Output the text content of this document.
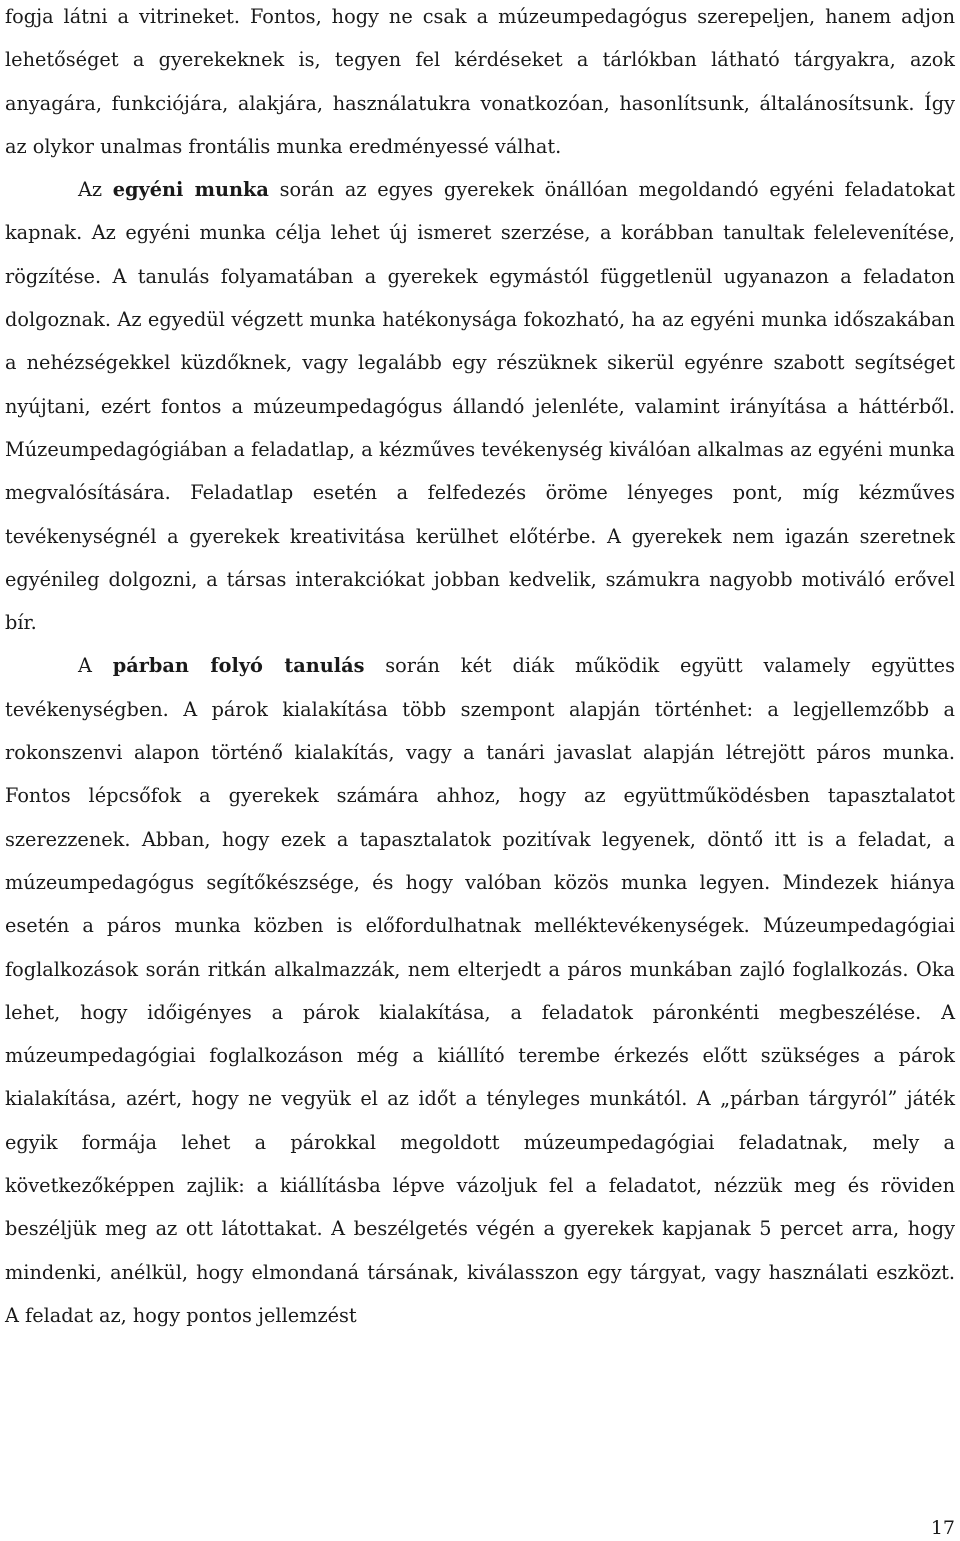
fogja látni a vitrineket. Fontos, hogy ne csak a múzeumpedagógus szerepeljen, hanem adjon lehetőséget a gyerekeknek is, tegyen fel kérdéseket a tárlókban látható tárgyakra, azok anyagára, funkciójára, alakjára, használatukra vonatkozóan, hasonlítsunk, általánosítsunk. Így az olykor unalmas frontális munka eredményessé válhat.

Az egyéni munka során az egyes gyerekek önállóan megoldandó egyéni feladatokat kapnak. Az egyéni munka célja lehet új ismeret szerzése, a korábban tanultak felelevenítése, rögzítése. A tanulás folyamatában a gyerekek egymástól függetlenül ugyanazon a feladaton dolgoznak. Az egyedül végzett munka hatékonysága fokozható, ha az egyéni munka időszakában a nehézségekkel küzdőknek, vagy legalább egy részüknek sikerül egyénre szabott segítséget nyújtani, ezért fontos a múzeumpedagógus állandó jelenléte, valamint irányítása a háttérből. Múzeumpedagógiában a feladatlap, a kézműves tevékenység kiválóan alkalmas az egyéni munka megvalósítására. Feladatlap esetén a felfedezés öröme lényeges pont, míg kézműves tevékenységnél a gyerekek kreativitása kerülhet előtérbe. A gyerekek nem igazán szeretnek egyénileg dolgozni, a társas interakciókat jobban kedvelik, számukra nagyobb motiváló erővel bír.

A párban folyó tanulás során két diák működik együtt valamely együttes tevékenységben. A párok kialakítása több szempont alapján történhet: a legjellemzőbb a rokonszenvi alapon történő kialakítás, vagy a tanári javaslat alapján létrejött páros munka. Fontos lépcsőfok a gyerekek számára ahhoz, hogy az együttműködésben tapasztalatot szerezzenek. Abban, hogy ezek a tapasztalatok pozitívak legyenek, döntő itt is a feladat, a múzeumpedagógus segítőkészsége, és hogy valóban közös munka legyen. Mindezek hiánya esetén a páros munka közben is előfordulhatnak melléktevékenységek. Múzeumpedagógiai foglalkozások során ritkán alkalmazzák, nem elterjedt a páros munkában zajló foglalkozás. Oka lehet, hogy időigényes a párok kialakítása, a feladatok páronkénti megbeszélése. A múzeumpedagógiai foglalkozáson még a kiállító terembe érkezés előtt szükséges a párok kialakítása, azért, hogy ne vegyük el az időt a tényleges munkától. A „párban tárgyról” játék egyik formája lehet a párokkal megoldott múzeumpedagógiai feladatnak, mely a következőképpen zajlik: a kiállításba lépve vázoljuk fel a feladatot, nézzük meg és röviden beszéljük meg az ott látottakat. A beszélgetés végén a gyerekek kapjanak 5 percet arra, hogy mindenki, anélkül, hogy elmondaná társának, kiválasszon egy tárgyat, vagy használati eszközt. A feladat az, hogy pontos jellemzést

17
